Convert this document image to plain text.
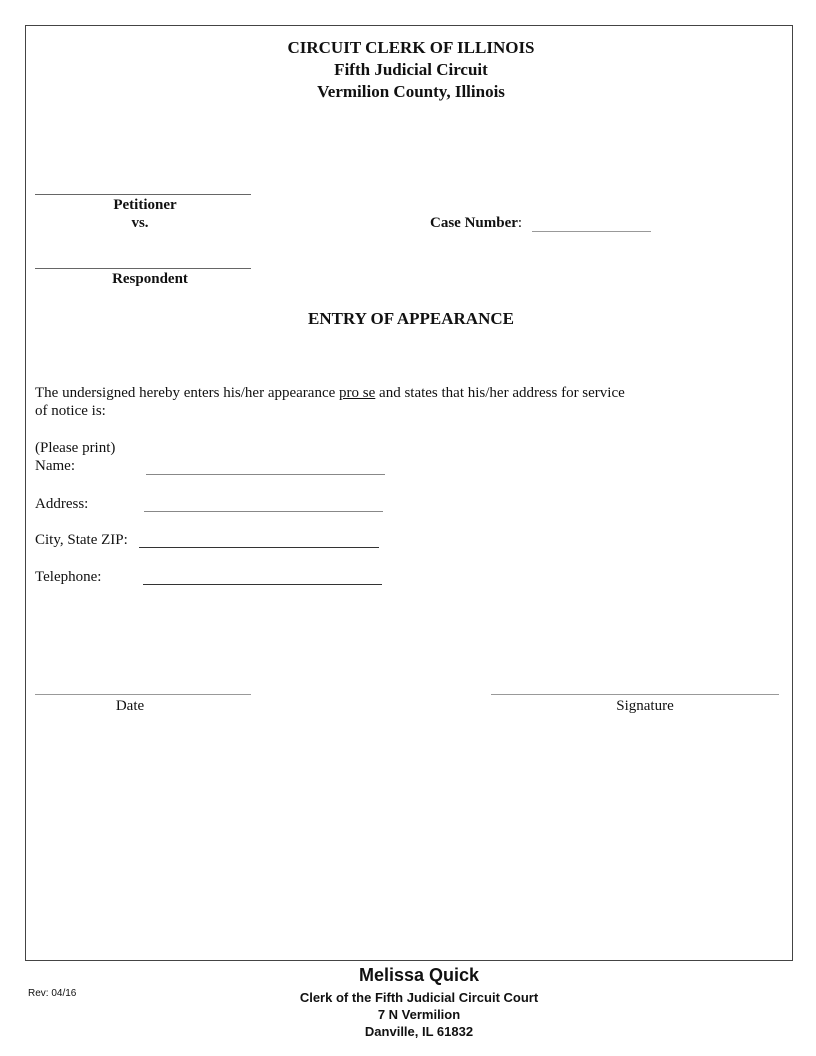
CIRCUIT CLERK OF ILLINOIS
Fifth Judicial Circuit
Vermilion County, Illinois
Petitioner
vs.	Case Number:
Respondent
ENTRY OF APPEARANCE
The undersigned hereby enters his/her appearance pro se and states that his/her address for service
of notice is:
(Please print)
Name:
Address:
City, State ZIP:
Telephone:
Date	Signature
Rev: 04/16
Melissa Quick
Clerk of the Fifth Judicial Circuit Court
7 N Vermilion
Danville, IL 61832
